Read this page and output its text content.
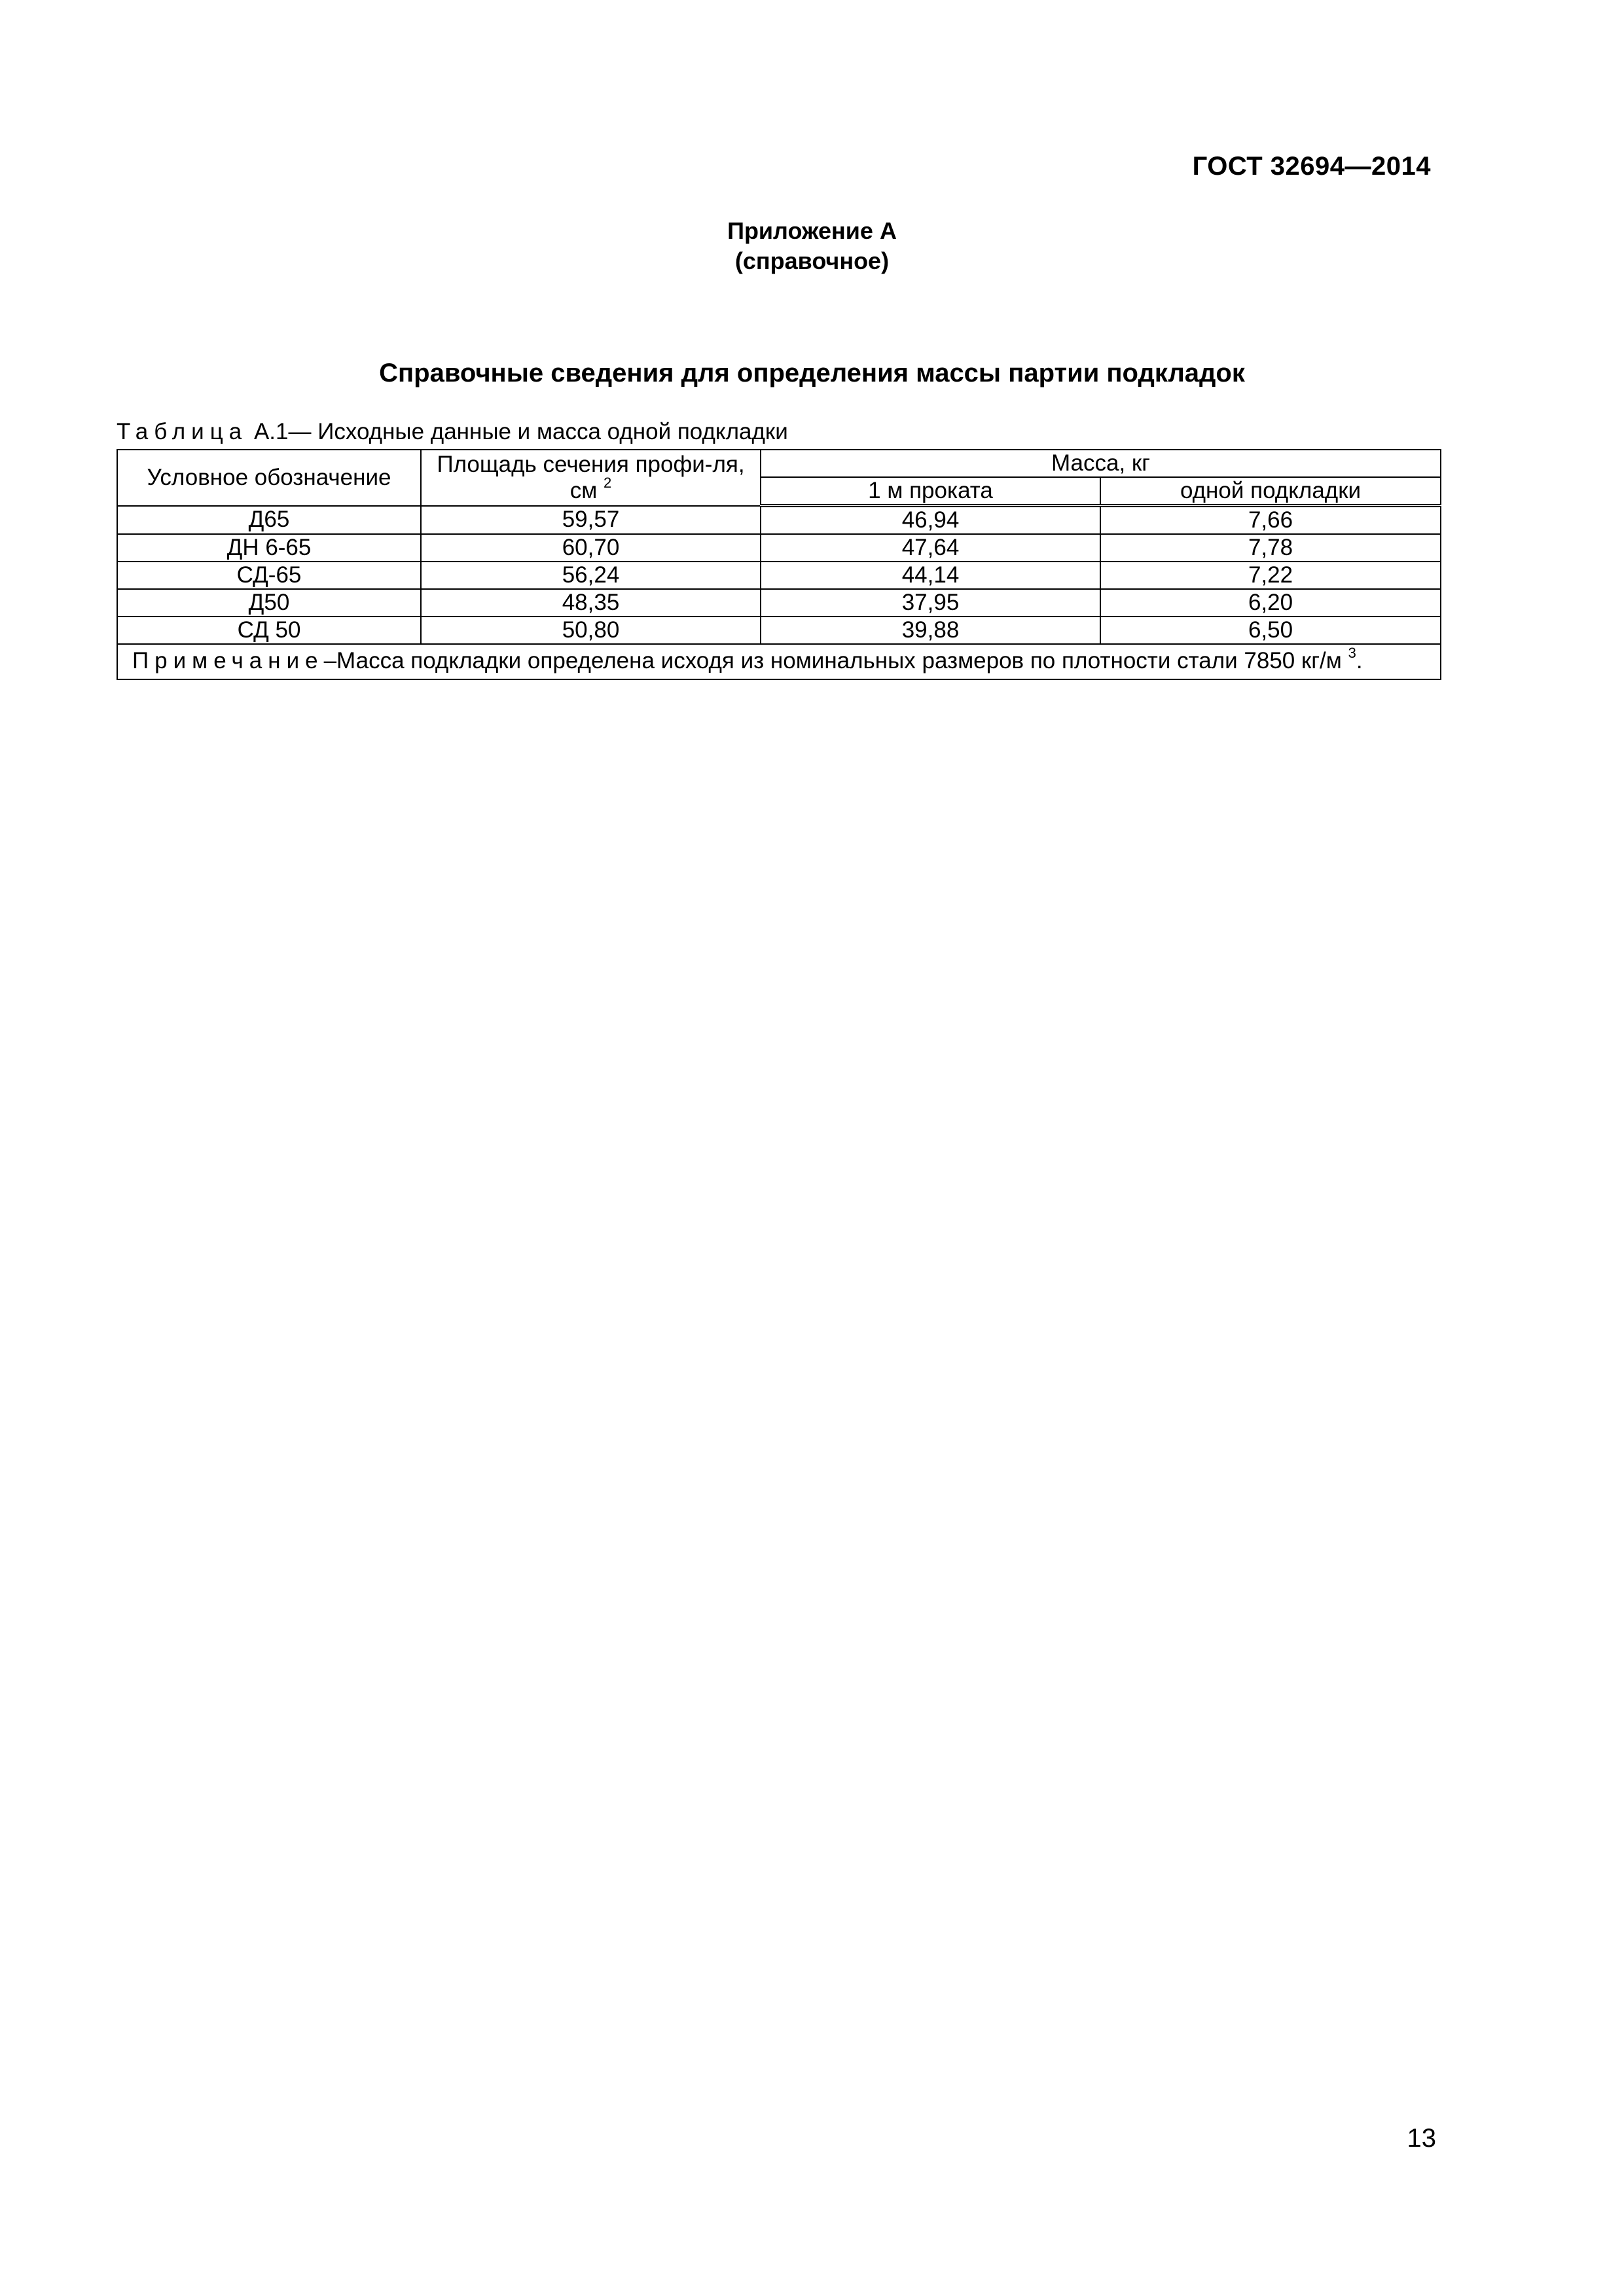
ГОСТ 32694—2014
Приложение А
(справочное)
Справочные сведения для определения массы партии подкладок
Таблица А.1— Исходные данные и масса одной подкладки
Условное обозначение	Площадь сечения профи-ля, см $^2$	Масса, кг	
		1 м проката	одной подкладки
Д65	59,57	46,94	7,66
ДН 6-65	60,70	47,64	7,78
СД-65	56,24	44,14	7,22
Д50	48,35	37,95	6,20
СД 50	50,80	39,88	6,50
Примечание–Масса подкладки определена исходя из номинальных размеров по плотности стали 7850 кг/м $^3$.			
13
